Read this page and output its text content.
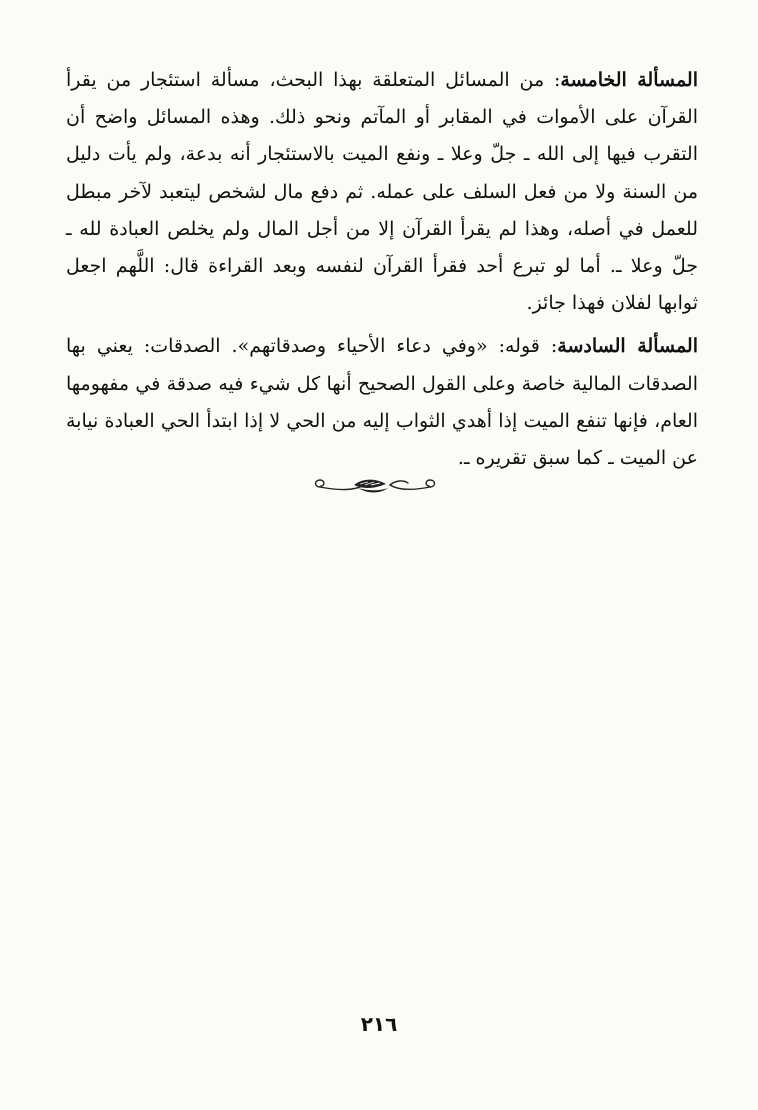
المسألة الخامسة: من المسائل المتعلقة بهذا البحث، مسألة استئجار من يقرأ القرآن على الأموات في المقابر أو المآتم ونحو ذلك. وهذه المسائل واضح أن التقرب فيها إلى الله ـ جلّ وعلا ـ ونفع الميت بالاستئجار أنه بدعة، ولم يأت دليل من السنة ولا من فعل السلف على عمله. ثم دفع مال لشخص ليتعبد لآخر مبطل للعمل في أصله، وهذا لم يقرأ القرآن إلا من أجل المال ولم يخلص العبادة لله ـ جلّ وعلا ـ. أما لو تبرع أحد فقرأ القرآن لنفسه وبعد القراءة قال: اللَّهم اجعل ثوابها لفلان فهذا جائز.

المسألة السادسة: قوله: «وفي دعاء الأحياء وصدقاتهم». الصدقات: يعني بها الصدقات المالية خاصة وعلى القول الصحيح أنها كل شيء فيه صدقة في مفهومها العام، فإنها تنفع الميت إذا أهدي الثواب إليه من الحي لا إذا ابتدأ الحي العبادة نيابة عن الميت ـ كما سبق تقريره ـ.

٢١٦
